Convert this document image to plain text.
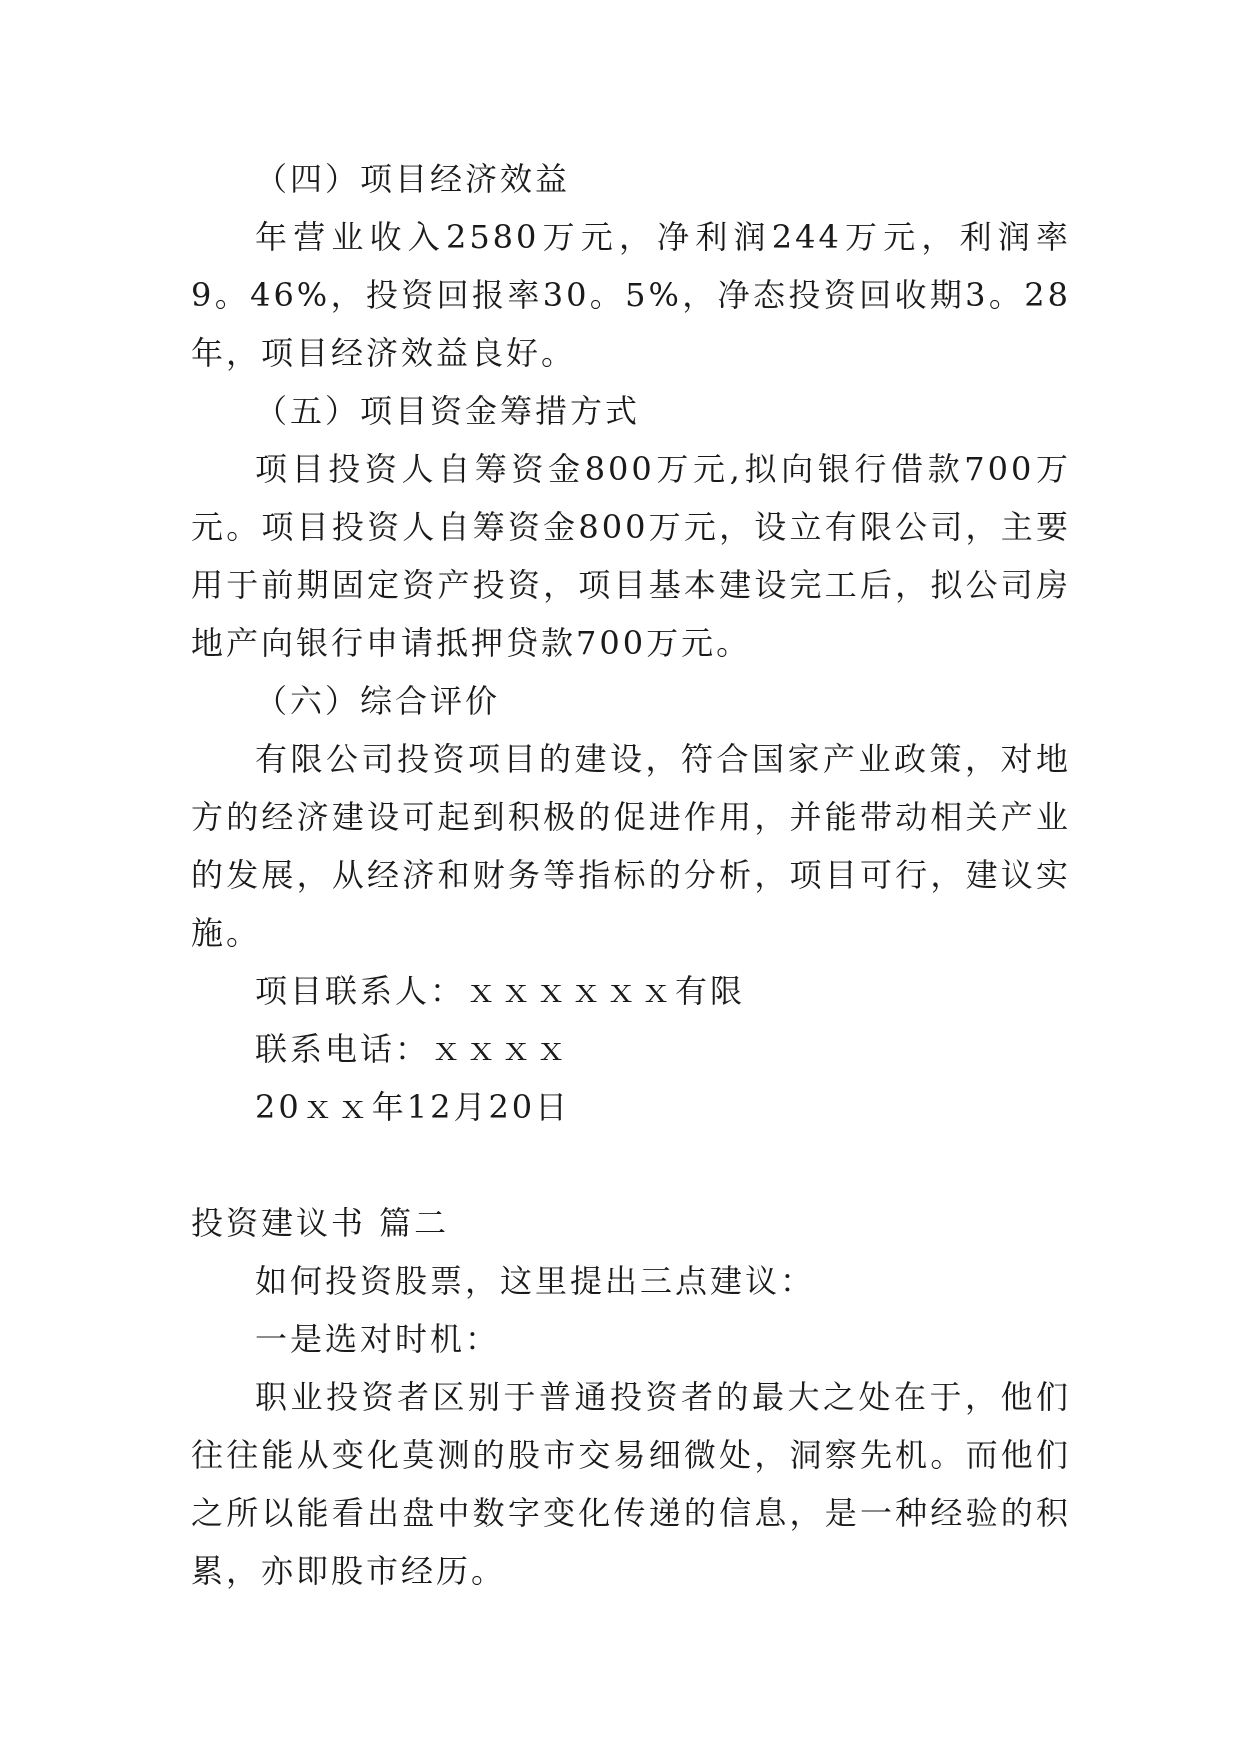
（四）项目经济效益

年营业收入2580万元，净利润244万元，利润率9。46%，投资回报率30。5%，净态投资回收期3。28年，项目经济效益良好。

（五）项目资金筹措方式

项目投资人自筹资金800万元,拟向银行借款700万元。项目投资人自筹资金800万元，设立有限公司，主要用于前期固定资产投资，项目基本建设完工后，拟公司房地产向银行申请抵押贷款700万元。

（六）综合评价

有限公司投资项目的建设，符合国家产业政策，对地方的经济建设可起到积极的促进作用，并能带动相关产业的发展，从经济和财务等指标的分析，项目可行，建议实施。

项目联系人：ｘｘｘｘｘｘ有限

联系电话：ｘｘｘｘ

20ｘｘ年12月20日

投资建议书 篇二

如何投资股票，这里提出三点建议：

一是选对时机：

职业投资者区别于普通投资者的最大之处在于，他们往往能从变化莫测的股市交易细微处，洞察先机。而他们之所以能看出盘中数字变化传递的信息，是一种经验的积累，亦即股市经历。
